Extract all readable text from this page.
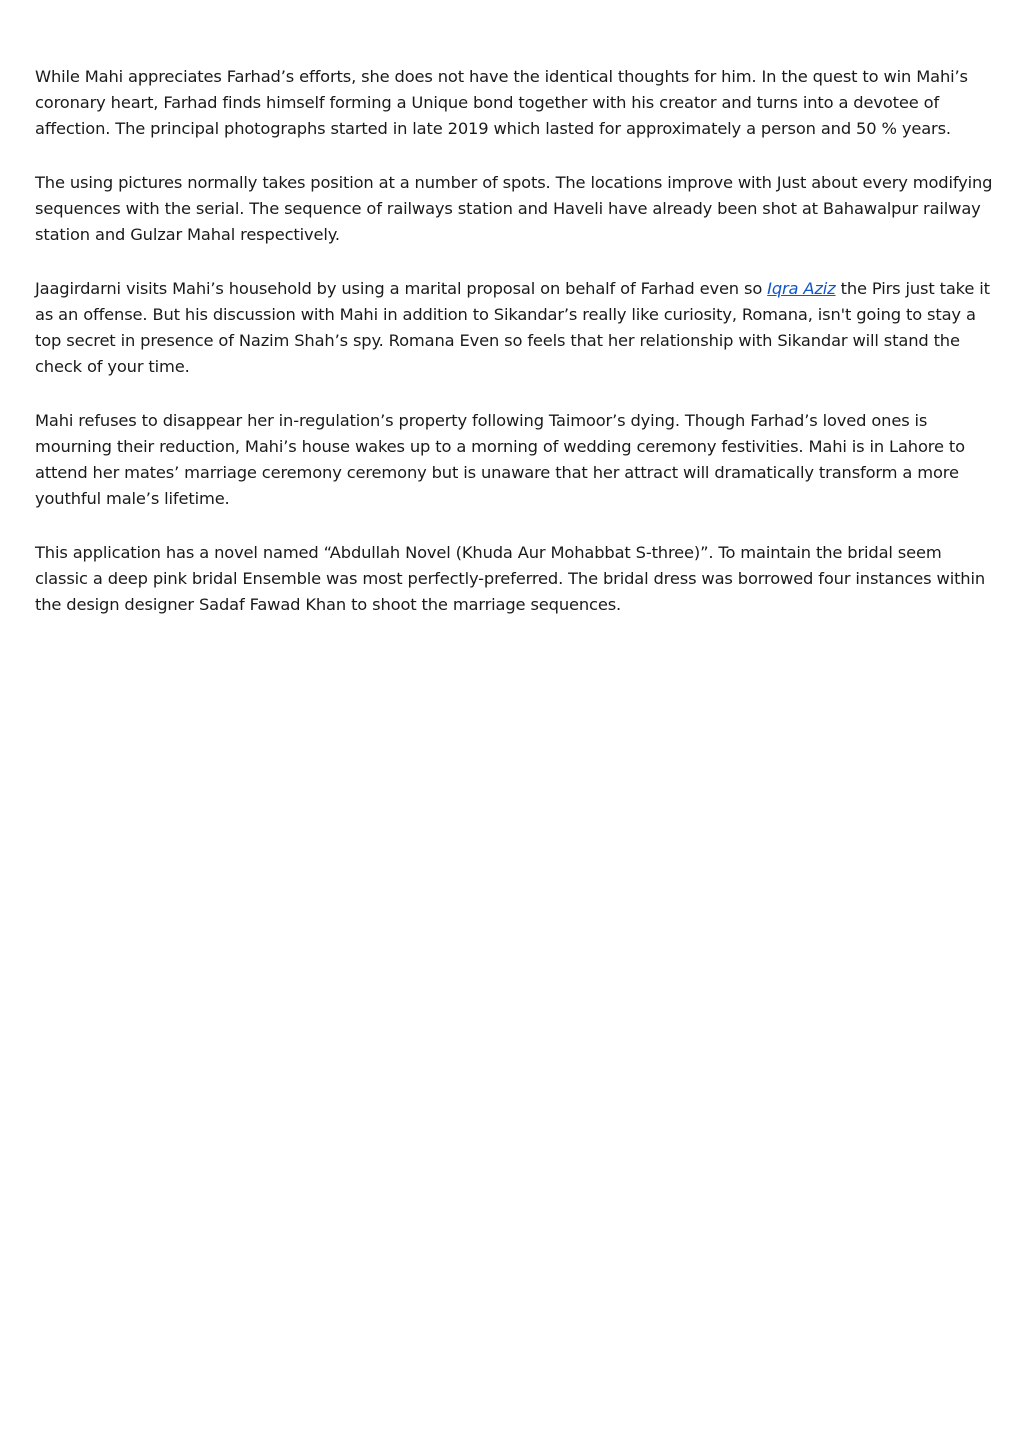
While Mahi appreciates Farhad’s efforts, she does not have the identical thoughts for him. In the quest to win Mahi’s coronary heart, Farhad finds himself forming a Unique bond together with his creator and turns into a devotee of affection. The principal photographs started in late 2019 which lasted for approximately a person and 50 % years.

The using pictures normally takes position at a number of spots. The locations improve with Just about every modifying sequences with the serial. The sequence of railways station and Haveli have already been shot at Bahawalpur railway station and Gulzar Mahal respectively.

Jaagirdarni visits Mahi’s household by using a marital proposal on behalf of Farhad even so Iqra Aziz the Pirs just take it as an offense. But his discussion with Mahi in addition to Sikandar’s really like curiosity, Romana, isn't going to stay a top secret in presence of Nazim Shah’s spy. Romana Even so feels that her relationship with Sikandar will stand the check of your time.

Mahi refuses to disappear her in-regulation’s property following Taimoor’s dying. Though Farhad’s loved ones is mourning their reduction, Mahi’s house wakes up to a morning of wedding ceremony festivities. Mahi is in Lahore to attend her mates’ marriage ceremony ceremony but is unaware that her attract will dramatically transform a more youthful male’s lifetime.

This application has a novel named “Abdullah Novel (Khuda Aur Mohabbat S-three)”. To maintain the bridal seem classic a deep pink bridal Ensemble was most perfectly-preferred. The bridal dress was borrowed four instances within the design designer Sadaf Fawad Khan to shoot the marriage sequences.
